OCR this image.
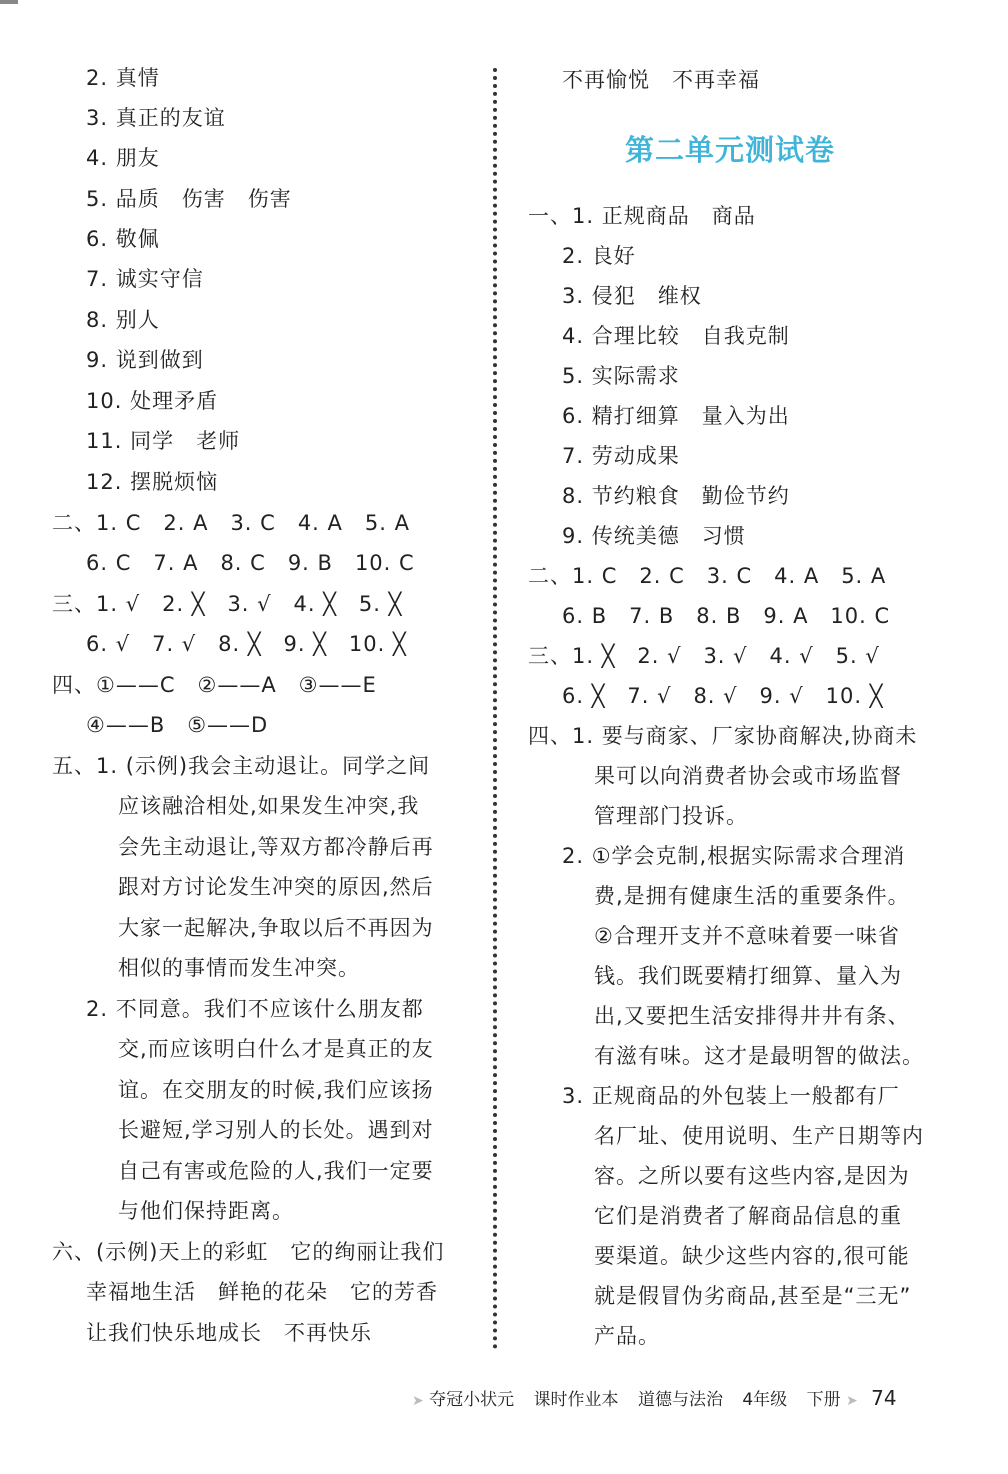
2. 真情
3. 真正的友谊
4. 朋友
5. 品质　伤害　伤害
6. 敬佩
7. 诚实守信
8. 别人
9. 说到做到
10. 处理矛盾
11. 同学　老师
12. 摆脱烦恼
二、1. C　2. A　3. C　4. A　5. A
6. C　7. A　8. C　9. B　10. C
三、1. √　2. ╳　3. √　4. ╳　5. ╳
6. √　7. √　8. ╳　9. ╳　10. ╳
四、①——C　②——A　③——E
④——B　⑤——D
五、1. (示例)我会主动退让。同学之间
应该融洽相处,如果发生冲突,我
会先主动退让,等双方都冷静后再
跟对方讨论发生冲突的原因,然后
大家一起解决,争取以后不再因为
相似的事情而发生冲突。
2. 不同意。我们不应该什么朋友都
交,而应该明白什么才是真正的友
谊。在交朋友的时候,我们应该扬
长避短,学习别人的长处。遇到对
自己有害或危险的人,我们一定要
与他们保持距离。
六、(示例)天上的彩虹　它的绚丽让我们
幸福地生活　鲜艳的花朵　它的芳香
让我们快乐地成长　不再快乐
不再愉悦　不再幸福
第二单元测试卷
一、1. 正规商品　商品
2. 良好
3. 侵犯　维权
4. 合理比较　自我克制
5. 实际需求
6. 精打细算　量入为出
7. 劳动成果
8. 节约粮食　勤俭节约
9. 传统美德　习惯
二、1. C　2. C　3. C　4. A　5. A
6. B　7. B　8. B　9. A　10. C
三、1. ╳　2. √　3. √　4. √　5. √
6. ╳　7. √　8. √　9. √　10. ╳
四、1. 要与商家、厂家协商解决,协商未
果可以向消费者协会或市场监督
管理部门投诉。
2. ①学会克制,根据实际需求合理消
费,是拥有健康生活的重要条件。
②合理开支并不意味着要一味省
钱。我们既要精打细算、量入为
出,又要把生活安排得井井有条、
有滋有味。这才是最明智的做法。
3. 正规商品的外包装上一般都有厂
名厂址、使用说明、生产日期等内
容。之所以要有这些内容,是因为
它们是消费者了解商品信息的重
要渠道。缺少这些内容的,很可能
就是假冒伪劣商品,甚至是“三无”
产品。
➤ 夺冠小状元 课时作业本 道德与法治 4年级 下册 ➤ 74
